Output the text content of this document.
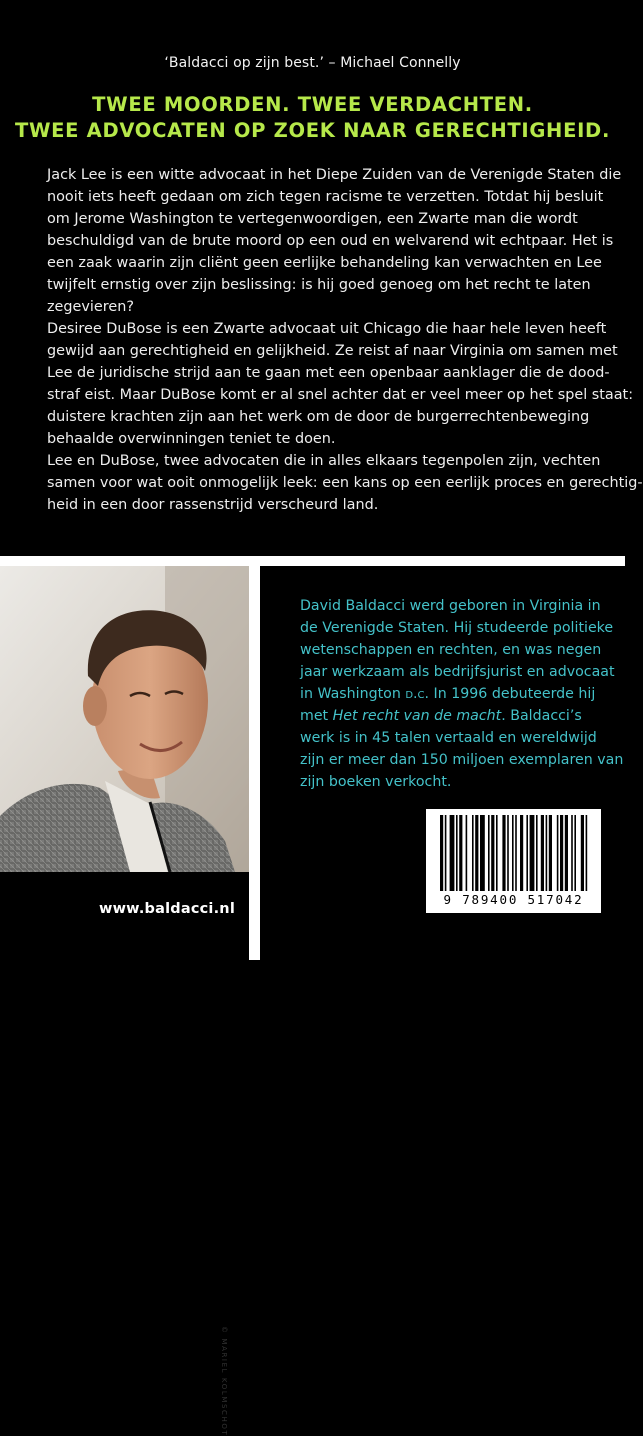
‘Baldacci op zijn best.’ – Michael Connelly
TWEE MOORDEN. TWEE VERDACHTEN.
TWEE ADVOCATEN OP ZOEK NAAR GERECHTIGHEID.

Jack Lee is een witte advocaat in het Diepe Zuiden van de Verenigde Staten die
nooit iets heeft gedaan om zich tegen racisme te verzetten. Totdat hij besluit
om Jerome Washington te vertegenwoordigen, een Zwarte man die wordt
beschuldigd van de brute moord op een oud en welvarend wit echtpaar. Het is
een zaak waarin zijn cliënt geen eerlijke behandeling kan verwachten en Lee
twijfelt ernstig over zijn beslissing: is hij goed genoeg om het recht te laten
zegevieren?

Desiree DuBose is een Zwarte advocaat uit Chicago die haar hele leven heeft
gewijd aan gerechtigheid en gelijkheid. Ze reist af naar Virginia om samen met
Lee de juridische strijd aan te gaan met een openbaar aanklager die de dood-
straf eist. Maar DuBose komt er al snel achter dat er veel meer op het spel staat:
duistere krachten zijn aan het werk om de door de burgerrechtenbeweging
behaalde overwinningen teniet te doen.

Lee en DuBose, twee advocaten die in alles elkaars tegenpolen zijn, vechten
samen voor wat ooit onmogelijk leek: een kans op een eerlijk proces en gerechtig-
heid in een door rassenstrijd verscheurd land.

© MARIEL KOLMSCHOT
www.baldacci.nl
David Baldacci werd geboren in Virginia in
de Verenigde Staten. Hij studeerde politieke
wetenschappen en rechten, en was negen
jaar werkzaam als bedrijfsjurist en advocaat
in Washington d.c. In 1996 debuteerde hij
met Het recht van de macht. Baldacci’s
werk is in 45 talen vertaald en wereldwijd
zijn er meer dan 150 miljoen exemplaren van
zijn boeken verkocht.
9 789400 517042
